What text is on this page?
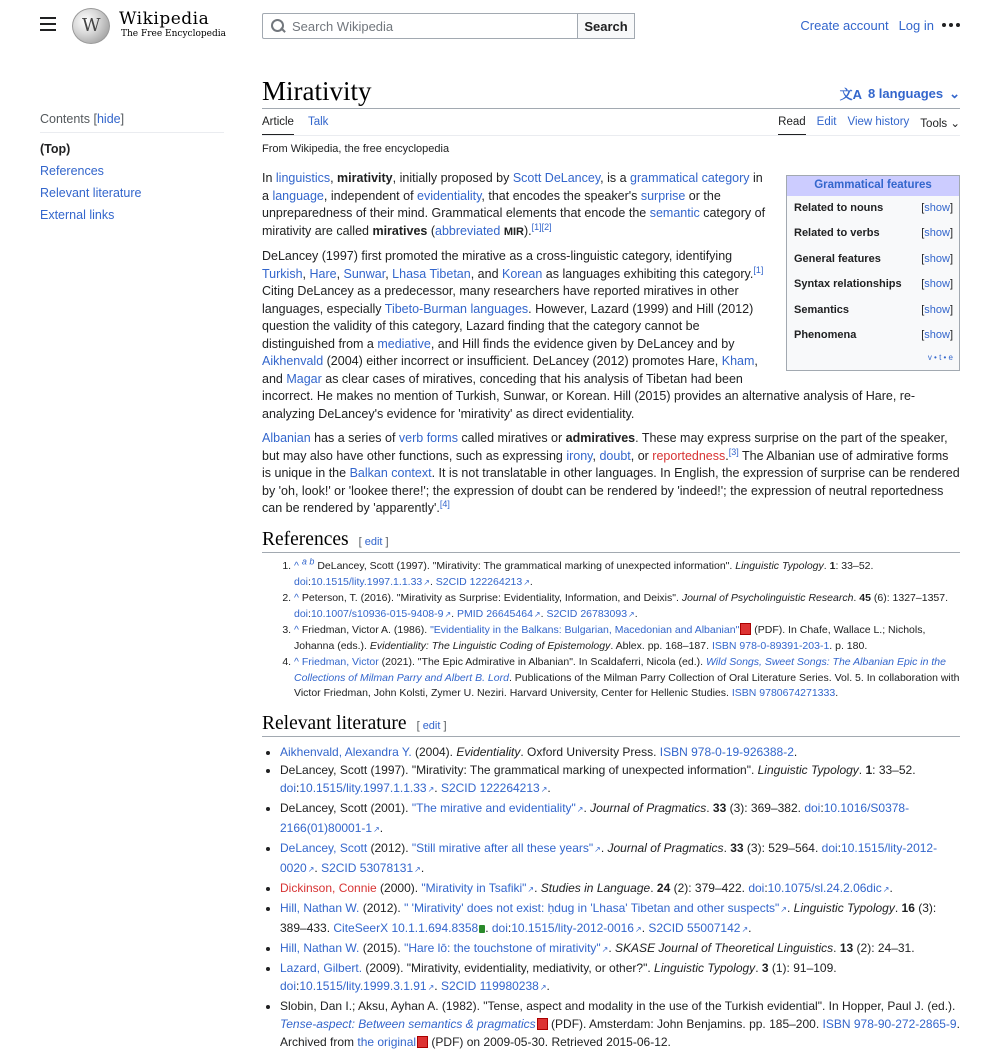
W
Wikipedia
The Free Encyclopedia
Search Wikipedia
Search	Create account Log in
Contents [hide]
(Top)
References
Relevant literature
External links
Mirativity	文A 8 languages ⌄
Article Talk	Read Edit View history Tools ⌄
From Wikipedia, the free encyclopedia
Grammatical features
Related to nouns	[show]
Related to verbs	[show]
General features	[show]
Syntax relationships [show]
Semantics	[show]
Phenomena	[show]
v • t • e

In linguistics, mirativity, initially proposed by Scott DeLancey, is a grammatical category in a language, independent of evidentiality, that encodes the speaker's surprise or the unpreparedness of their mind. Grammatical elements that encode the semantic category of mirativity are called miratives (abbreviated MIR).[1][2]

DeLancey (1997) first promoted the mirative as a cross-linguistic category, identifying Turkish, Hare, Sunwar, Lhasa Tibetan, and Korean as languages exhibiting this category.[1] Citing DeLancey as a predecessor, many researchers have reported miratives in other languages, especially Tibeto-Burman languages. However, Lazard (1999) and Hill (2012) question the validity of this category, Lazard finding that the category cannot be distinguished from a mediative, and Hill finds the evidence given by DeLancey and by Aikhenvald (2004) either incorrect or insufficient. DeLancey (2012) promotes Hare, Kham, and Magar as clear cases of miratives, conceding that his analysis of Tibetan had been incorrect. He makes no mention of Turkish, Sunwar, or Korean. Hill (2015) provides an alternative analysis of Hare, re-analyzing DeLancey's evidence for 'mirativity' as direct evidentiality.

Albanian has a series of verb forms called miratives or admiratives. These may express surprise on the part of the speaker, but may also have other functions, such as expressing irony, doubt, or reportedness.[3] The Albanian use of admirative forms is unique in the Balkan context. It is not translatable in other languages. In English, the expression of surprise can be rendered by 'oh, look!' or 'lookee there!'; the expression of doubt can be rendered by 'indeed!'; the expression of neutral reportedness can be rendered by 'apparently'.[4]

References [ edit ]
1. ^ $^{a b}$ DeLancey, Scott (1997). "Mirativity: The grammatical marking of unexpected information". Linguistic Typology. 1: 33–52. doi:10.1515/lity.1997.1.1.33 ↗ . S2CID 122264213 ↗ .
2. ^ Peterson, T. (2016). "Mirativity as Surprise: Evidentiality, Information, and Deixis". Journal of Psycholinguistic Research. 45 (6): 1327–1357. doi:10.1007/s10936-015-9408-9 ↗ . PMID 26645464 ↗ . S2CID 26783093 ↗ .
3. ^ Friedman, Victor A. (1986). "Evidentiality in the Balkans: Bulgarian, Macedonian and Albanian" (PDF). In Chafe, Wallace L.; Nichols, Johanna (eds.). Evidentiality: The Linguistic Coding of Epistemology. Ablex. pp. 168–187. ISBN 978-0-89391-203-1. p. 180.
4. ^ Friedman, Victor (2021). "The Epic Admirative in Albanian". In Scaldaferri, Nicola (ed.). Wild Songs, Sweet Songs: The Albanian Epic in the Collections of Milman Parry and Albert B. Lord. Publications of the Milman Parry Collection of Oral Literature Series. Vol. 5. In collaboration with Victor Friedman, John Kolsti, Zymer U. Neziri. Harvard University, Center for Hellenic Studies. ISBN 9780674271333.
Relevant literature [ edit ]
• Aikhenvald, Alexandra Y. (2004). Evidentiality. Oxford University Press. ISBN 978-0-19-926388-2.
• DeLancey, Scott (1997). "Mirativity: The grammatical marking of unexpected information". Linguistic Typology. 1: 33–52. doi:10.1515/lity.1997.1.1.33 ↗ . S2CID 122264213 ↗ .
• DeLancey, Scott (2001). "The mirative and evidentiality" ↗ . Journal of Pragmatics. 33 (3): 369–382. doi:10.1016/S0378-2166(01)80001-1 ↗ .
• DeLancey, Scott (2012). "Still mirative after all these years" ↗ . Journal of Pragmatics. 33 (3): 529–564. doi:10.1515/lity-2012-0020 ↗ . S2CID 53078131 ↗ .
• Dickinson, Connie (2000). "Mirativity in Tsafiki" ↗ . Studies in Language. 24 (2): 379–422. doi:10.1075/sl.24.2.06dic ↗ .
• Hill, Nathan W. (2012). " 'Mirativity' does not exist: ḥdug in 'Lhasa' Tibetan and other suspects" ↗ . Linguistic Typology. 16 (3): 389–433. CiteSeerX 10.1.1.694.8358 . doi:10.1515/lity-2012-0016 ↗ . S2CID 55007142 ↗ .
• Hill, Nathan W. (2015). "Hare lō: the touchstone of mirativity" ↗ . SKASE Journal of Theoretical Linguistics. 13 (2): 24–31.
• Lazard, Gilbert. (2009). "Mirativity, evidentiality, mediativity, or other?". Linguistic Typology. 3 (1): 91–109. doi:10.1515/lity.1999.3.1.91 ↗ . S2CID 119980238 ↗ .
• Slobin, Dan I.; Aksu, Ayhan A. (1982). "Tense, aspect and modality in the use of the Turkish evidential". In Hopper, Paul J. (ed.). Tense-aspect: Between semantics & pragmatics (PDF). Amsterdam: John Benjamins. pp. 185–200. ISBN 978-90-272-2865-9. Archived from the original (PDF) on 2009-05-30. Retrieved 2015-06-12.
